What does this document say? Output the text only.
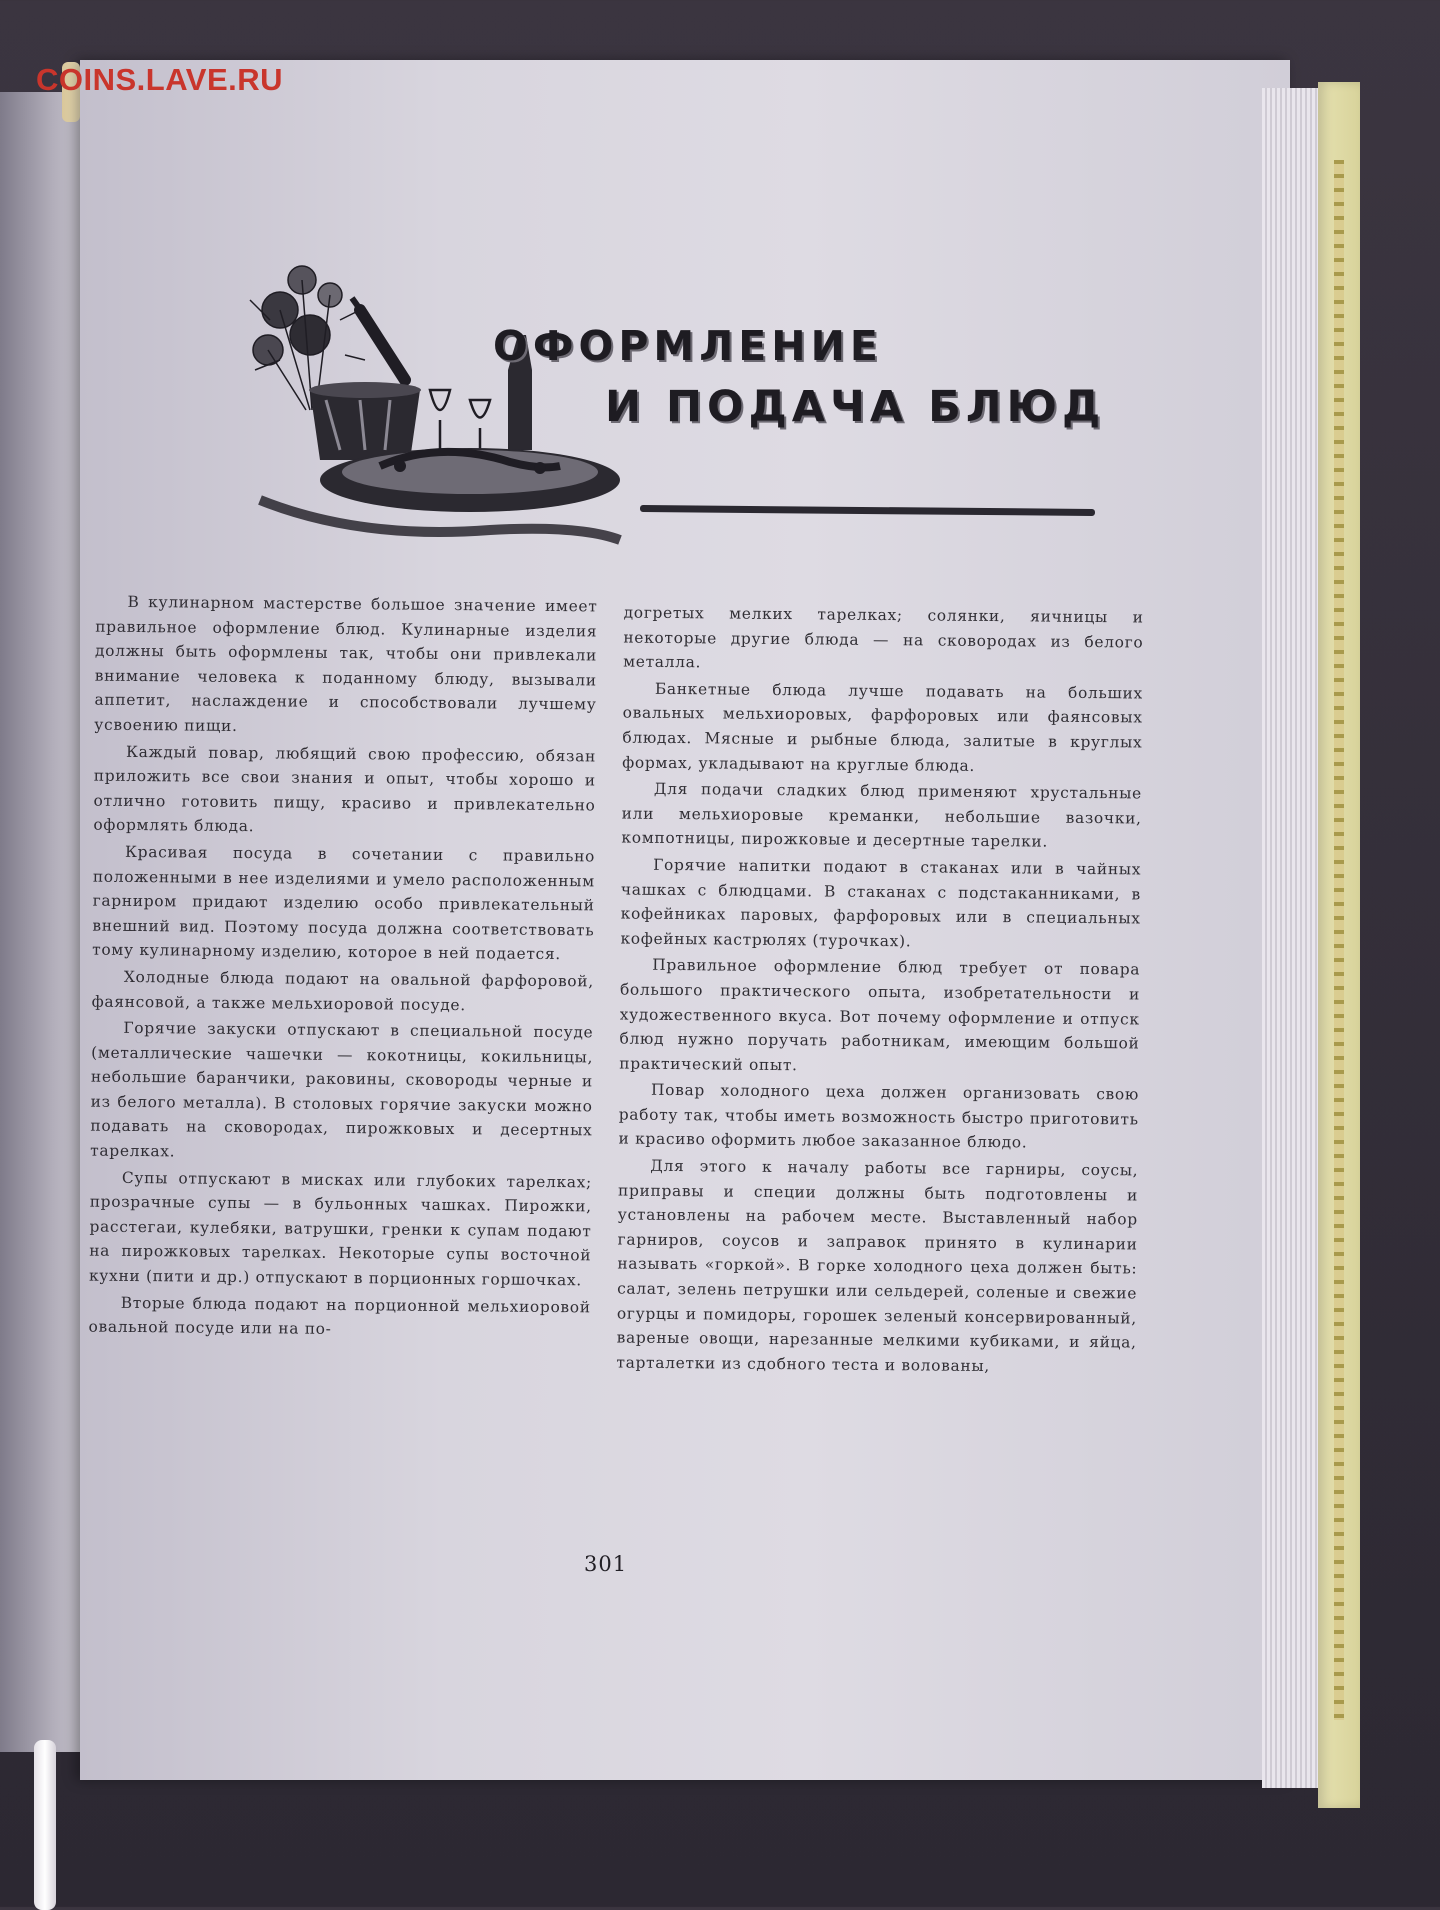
COINS.LAVE.RU
ОФОРМЛЕНИЕ
И ПОДАЧА БЛЮД

В кулинарном мастерстве большое значение имеет правильное оформление блюд. Кулинарные изделия должны быть оформлены так, чтобы они привлекали внимание человека к поданному блюду, вызывали аппетит, наслаждение и способствовали лучшему усвоению пищи.

Каждый повар, любящий свою профессию, обязан приложить все свои знания и опыт, чтобы хорошо и отлично готовить пищу, красиво и привлекательно оформлять блюда.

Красивая посуда в сочетании с правильно положенными в нее изделиями и умело расположенным гарниром придают изделию особо привлекательный внешний вид. Поэтому посуда должна соответствовать тому кулинарному изделию, которое в ней подается.

Холодные блюда подают на овальной фарфоровой, фаянсовой, а также мельхиоровой посуде.

Горячие закуски отпускают в специальной посуде (металлические чашечки — кокотницы, кокильницы, небольшие баранчики, раковины, сковороды черные и из белого металла). В столовых горячие закуски можно подавать на сковородах, пирожковых и десертных тарелках.

Супы отпускают в мисках или глубоких тарелках; прозрачные супы — в бульонных чашках. Пирожки, расстегаи, кулебяки, ватрушки, гренки к супам подают на пирожковых тарелках. Некоторые супы восточной кухни (пити и др.) отпускают в порционных горшочках.

Вторые блюда подают на порционной мельхиоровой овальной посуде или на по-

догретых мелких тарелках; солянки, яичницы и некоторые другие блюда — на сковородах из белого металла.

Банкетные блюда лучше подавать на больших овальных мельхиоровых, фарфоровых или фаянсовых блюдах. Мясные и рыбные блюда, залитые в круглых формах, укладывают на круглые блюда.

Для подачи сладких блюд применяют хрустальные или мельхиоровые креманки, небольшие вазочки, компотницы, пирожковые и десертные тарелки.

Горячие напитки подают в стаканах или в чайных чашках с блюдцами. В стаканах с подстаканниками, в кофейниках паровых, фарфоровых или в специальных кофейных кастрюлях (турочках).

Правильное оформление блюд требует от повара большого практического опыта, изобретательности и художественного вкуса. Вот почему оформление и отпуск блюд нужно поручать работникам, имеющим большой практический опыт.

Повар холодного цеха должен организовать свою работу так, чтобы иметь возможность быстро приготовить и красиво оформить любое заказанное блюдо.

Для этого к началу работы все гарниры, соусы, приправы и специи должны быть подготовлены и установлены на рабочем месте. Выставленный набор гарниров, соусов и заправок принято в кулинарии называть «горкой». В горке холодного цеха должен быть: салат, зелень петрушки или сельдерей, соленые и свежие огурцы и помидоры, горошек зеленый консервированный, вареные овощи, нарезанные мелкими кубиками, и яйца, тарталетки из сдобного теста и волованы,

301
